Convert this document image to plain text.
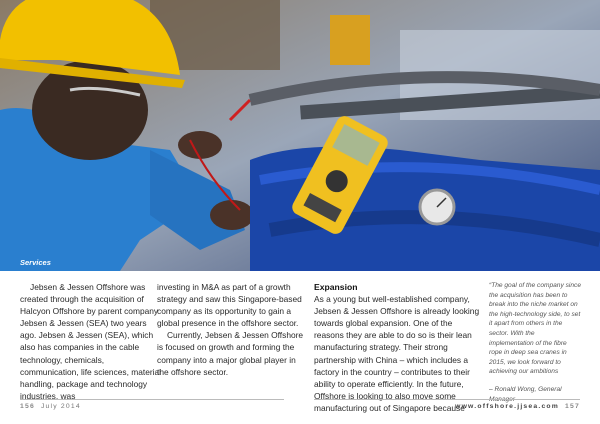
Services

Jebsen & Jessen Offshore was created through the acquisition of Halcyon Offshore by parent company Jebsen & Jessen (SEA) two years ago. Jebsen & Jessen (SEA), which also has companies in the cable technology, chemicals, communication, life sciences, material handling, package and technology industries, was

investing in M&A as part of a growth strategy and saw this Singapore-based company as its opportunity to gain a global presence in the offshore sector.

Currently, Jebsen & Jessen Offshore is focused on growth and forming the company into a major global player in the offshore sector.

Expansion

As a young but well-established company, Jebsen & Jessen Offshore is already looking towards global expansion. One of the reasons they are able to do so is their lean manufacturing strategy. Their strong partnership with China – which includes a factory in the country – contributes to their ability to operate efficiently. In the future, Offshore is looking to also move some manufacturing out of Singapore because

“The goal of the company since the acquisition has been to break into the niche market on the high-technology side, to set it apart from others in the sector. With the implementation of the fibre rope in deep sea cranes in 2015, we look forward to achieving our ambitions

– Ronald Wong, General Manager

156 July 2014	www.offshore.jjsea.com 157
